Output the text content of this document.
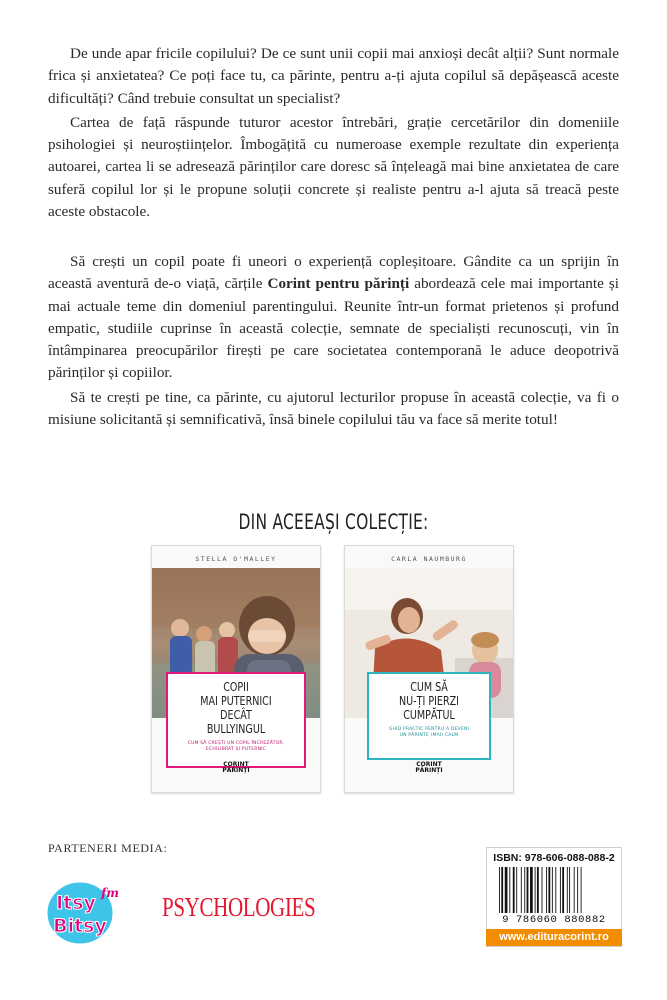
De unde apar fricile copilului? De ce sunt unii copii mai anxioși decât alții? Sunt normale frica și anxietatea? Ce poți face tu, ca părinte, pentru a-ți ajuta copilul să depășească aceste dificultăți? Când trebuie consultat un specialist?

Cartea de față răspunde tuturor acestor întrebări, grație cercetărilor din domeniile psihologiei și neuroștiințelor. Îmbogățită cu numeroase exemple rezultate din experiența autoarei, cartea li se adresează părinților care doresc să înțeleagă mai bine anxietatea de care suferă copilul lor și le propune soluții concrete și realiste pentru a-l ajuta să treacă peste aceste obstacole.

Să crești un copil poate fi uneori o experiență copleșitoare. Gândite ca un sprijin în această aventură de-o viață, cărțile Corint pentru părinți abordează cele mai importante și mai actuale teme din domeniul parentingului. Reunite într-un format prietenos și profund empatic, studiile cuprinse în această colecție, semnate de specialiști recunoscuți, vin în întâmpinarea preocupărilor firești pe care societatea contemporană le aduce deopotrivă părinților și copiilor.

Să te crești pe tine, ca părinte, cu ajutorul lecturilor propuse în această colecție, va fi o misiune solicitantă și semnificativă, însă binele copilului tău va face să merite totul!

DIN ACEEAȘI COLECȚIE:
STELLA O'MALLEY
COPII
MAI PUTERNICI
DECÂT
BULLYINGUL
CUM SĂ CREȘTI UN COPIL ÎNCREZĂTOR,
ECHILIBRAT ȘI PUTERNIC
CORINT
PĂRINȚI
CARLA NAUMBURG
CUM SĂ
NU-ȚI PIERZI
CUMPĂTUL
GHID PRACTIC PENTRU A DEVENI
UN PĂRINTE (MAI) CALM
CORINT
PĂRINȚI
PARTENERI MEDIA:
Itsy
Bitsy
fm PSYCHOLOGIES
ISBN: 978-606-088-088-2
9 786060 880882
www.edituracorint.ro
